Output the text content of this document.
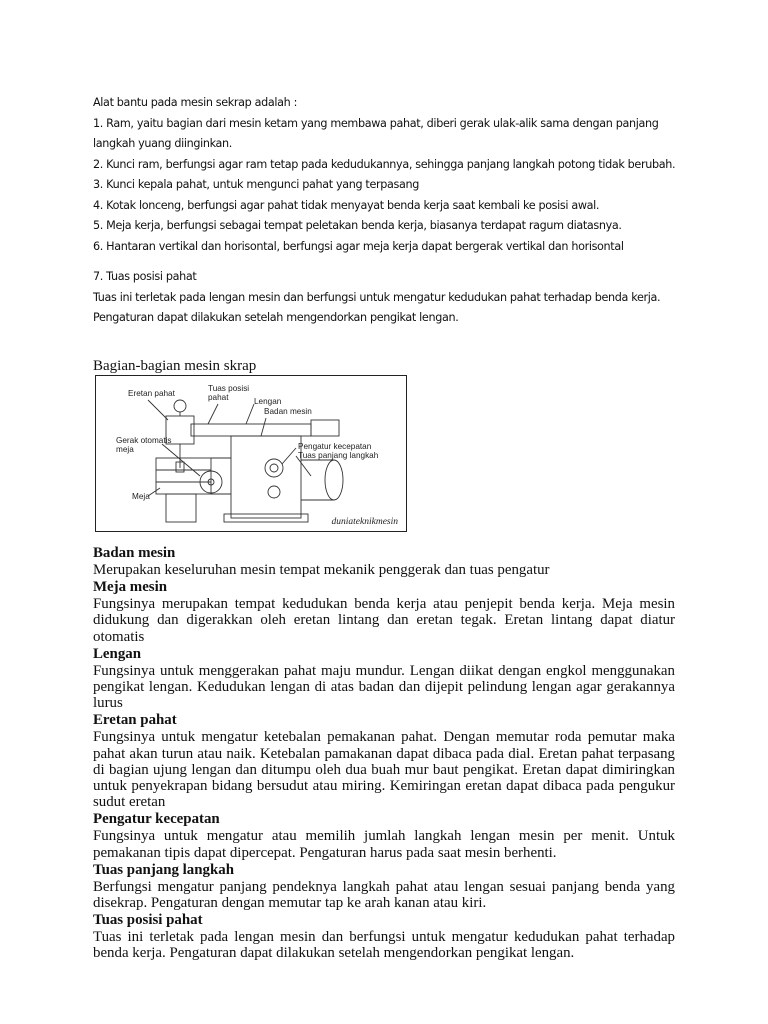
Alat bantu pada mesin sekrap adalah :

1. Ram, yaitu bagian dari mesin ketam yang membawa pahat, diberi gerak ulak-alik sama dengan panjang langkah yuang diinginkan.

2. Kunci ram, berfungsi agar ram tetap pada kedudukannya, sehingga panjang langkah potong tidak berubah.

3. Kunci kepala pahat, untuk mengunci pahat yang terpasang

4. Kotak lonceng, berfungsi agar pahat tidak menyayat benda kerja saat kembali ke posisi awal.

5. Meja kerja, berfungsi sebagai tempat peletakan benda kerja, biasanya terdapat ragum diatasnya.

6. Hantaran vertikal dan horisontal, berfungsi agar meja kerja dapat bergerak vertikal dan horisontal

7. Tuas posisi pahat

Tuas ini terletak pada lengan mesin dan berfungsi untuk mengatur kedudukan pahat terhadap benda kerja. Pengaturan dapat dilakukan setelah mengendorkan pengikat lengan.

Bagian-bagian mesin skrap
Eretan pahat
Tuas posisi
pahat	Lengan
Badan mesin
Gerak otomatis
meja	Pengatur kecepatan
Tuas panjang langkah
Meja
duniateknikmesin
Badan mesin

Merupakan keseluruhan mesin tempat mekanik penggerak dan tuas pengatur

Meja mesin

Fungsinya merupakan tempat kedudukan benda kerja atau penjepit benda kerja. Meja mesin didukung dan digerakkan oleh eretan lintang dan eretan tegak. Eretan lintang dapat diatur otomatis

Lengan

Fungsinya untuk menggerakan pahat maju mundur. Lengan diikat dengan engkol menggunakan pengikat lengan. Kedudukan lengan di atas badan dan dijepit pelindung lengan agar gerakannya lurus

Eretan pahat

Fungsinya untuk mengatur ketebalan pemakanan pahat. Dengan memutar roda pemutar maka pahat akan turun atau naik. Ketebalan pamakanan dapat dibaca pada dial. Eretan pahat terpasang di bagian ujung lengan dan ditumpu oleh dua buah mur baut pengikat. Eretan dapat dimiringkan untuk penyekrapan bidang bersudut atau miring. Kemiringan eretan dapat dibaca pada pengukur sudut eretan

Pengatur kecepatan

Fungsinya untuk mengatur atau memilih jumlah langkah lengan mesin per menit. Untuk pemakanan tipis dapat dipercepat. Pengaturan harus pada saat mesin berhenti.

Tuas panjang langkah

Berfungsi mengatur panjang pendeknya langkah pahat atau lengan sesuai panjang benda yang disekrap. Pengaturan dengan memutar tap ke arah kanan atau kiri.

Tuas posisi pahat

Tuas ini terletak pada lengan mesin dan berfungsi untuk mengatur kedudukan pahat terhadap benda kerja. Pengaturan dapat dilakukan setelah mengendorkan pengikat lengan.
